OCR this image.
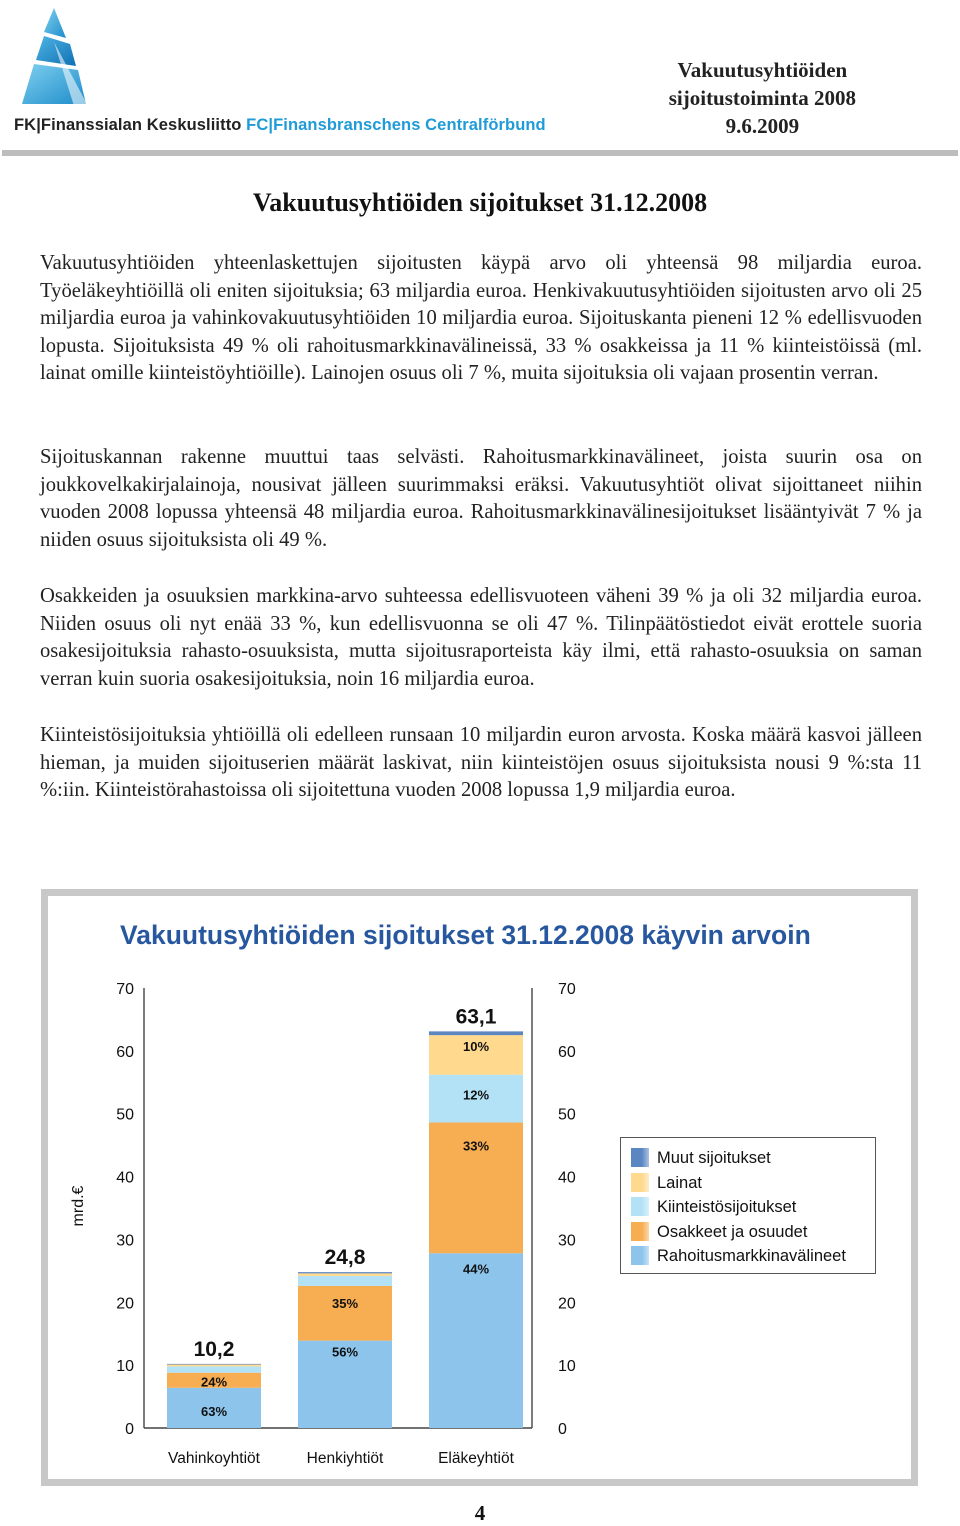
FK|Finanssialan Keskusliitto FC|Finansbranschens Centralförbund
Vakuutusyhtiöiden
sijoitustoiminta 2008
9.6.2009
Vakuutusyhtiöiden sijoitukset 31.12.2008

Vakuutusyhtiöiden yhteenlaskettujen sijoitusten käypä arvo oli yhteensä 98 miljardia euroa. Työeläkeyhtiöillä oli eniten sijoituksia; 63 miljardia euroa. Henkivakuutusyhtiöiden sijoitusten arvo oli 25 miljardia euroa ja vahinkovakuutusyhtiöiden 10 miljardia euroa. Sijoituskanta pieneni 12 % edellisvuoden lopusta. Sijoituksista 49 % oli rahoitusmarkkinavälineissä, 33 % osakkeissa ja 11 % kiinteistöissä (ml. lainat omille kiinteistöyhtiöille). Lainojen osuus oli 7 %, muita sijoituksia oli vajaan prosentin verran.

Sijoituskannan rakenne muuttui taas selvästi. Rahoitusmarkkinavälineet, joista suurin osa on joukkovelkakirjalainoja, nousivat jälleen suurimmaksi eräksi. Vakuutusyhtiöt olivat sijoittaneet niihin vuoden 2008 lopussa yhteensä 48 miljardia euroa. Rahoitusmarkkinavälinesijoitukset lisääntyivät 7 % ja niiden osuus sijoituksista oli 49 %.

Osakkeiden ja osuuksien markkina-arvo suhteessa edellisvuoteen väheni 39 % ja oli 32 miljardia euroa. Niiden osuus oli nyt enää 33 %, kun edellisvuonna se oli 47 %. Tilinpäätöstiedot eivät erottele suoria osakesijoituksia rahasto-osuuksista, mutta sijoitusraporteista käy ilmi, että rahasto-osuuksia on saman verran kuin suoria osakesijoituksia, noin 16 miljardia euroa.

Kiinteistösijoituksia yhtiöillä oli edelleen runsaan 10 miljardin euron arvosta. Koska määrä kasvoi jälleen hieman, ja muiden sijoituserien määrät laskivat, niin kiinteistöjen osuus sijoituksista nousi 9 %:sta 11 %:iin. Kiinteistörahastoissa oli sijoitettuna vuoden 2008 lopussa 1,9 miljardia euroa.

Vakuutusyhtiöiden sijoitukset 31.12.2008 käyvin arvoin
0	0
10	10
20	20
30	30
40	40
50	50
60	60
70	70
mrd.€
63%
24%
10,2
Vahinkoyhtiöt
56%
35%
24,8
Henkiyhtiöt
44%
33%
12%
10%
63,1
Eläkeyhtiöt
Muut sijoitukset
Lainat
Kiinteistösijoitukset
Osakkeet ja osuudet
Rahoitusmarkkinavälineet
4
